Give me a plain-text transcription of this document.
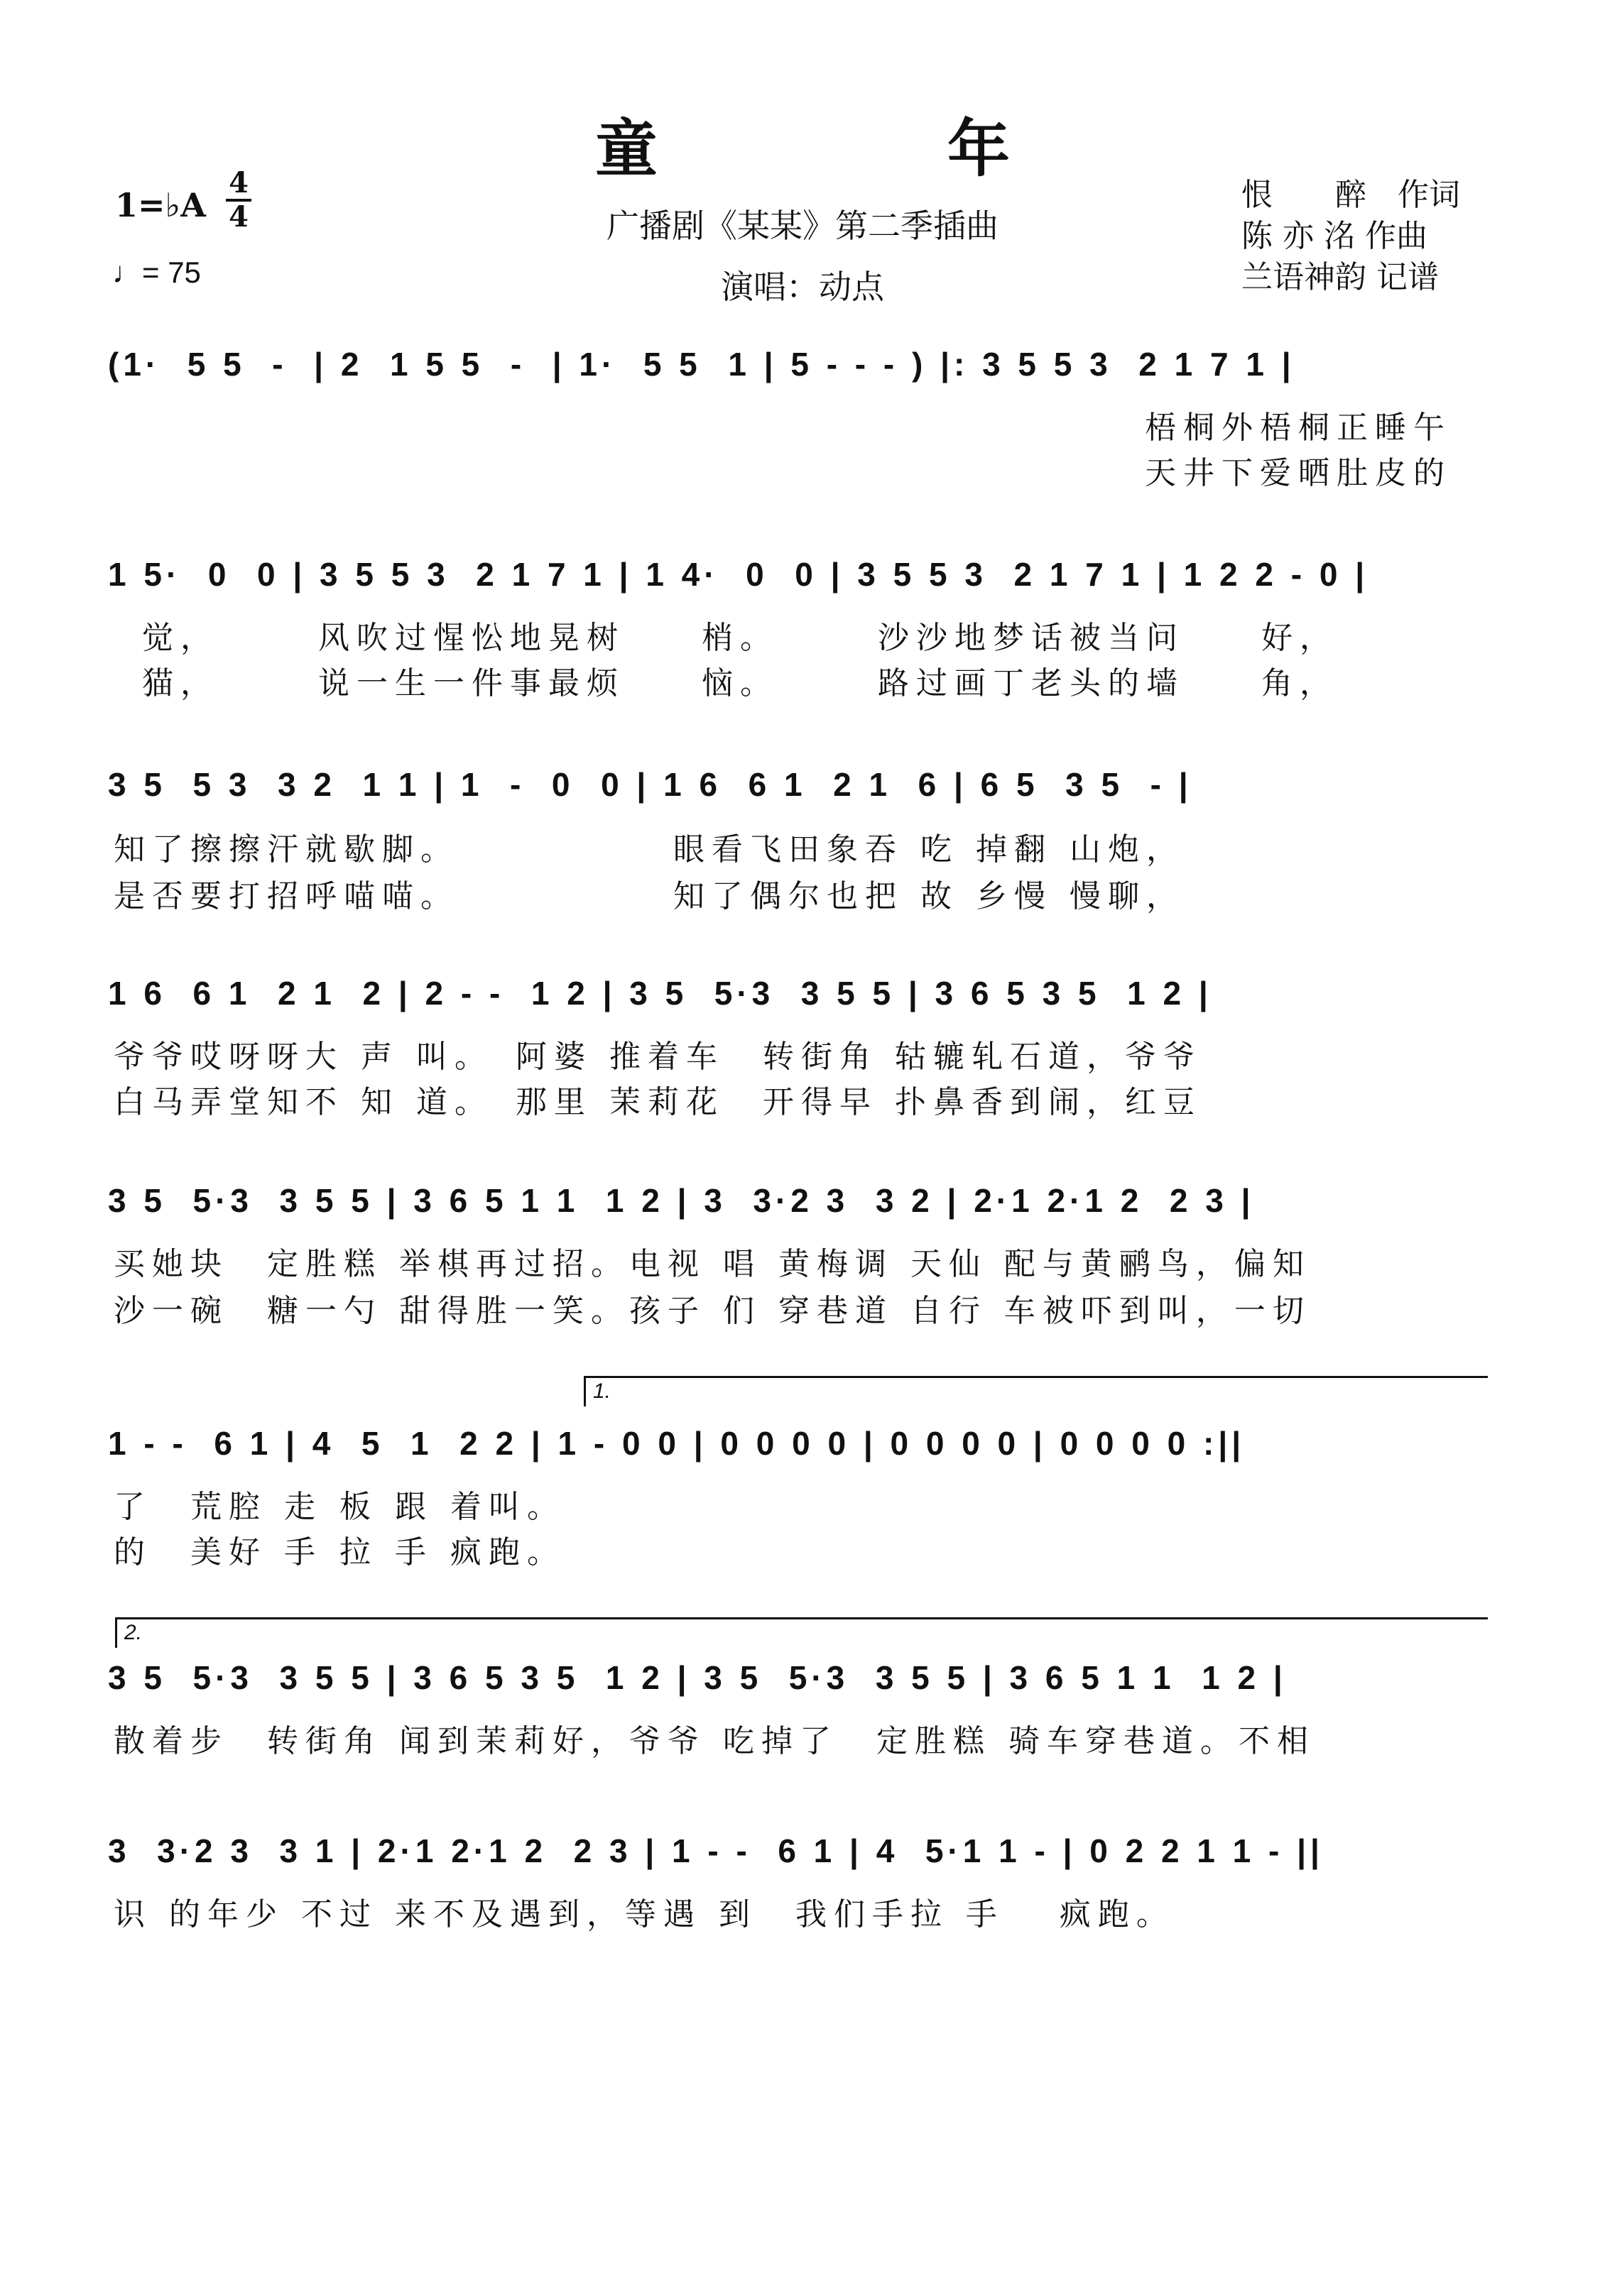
童　年
广播剧《某某》第二季插曲
演唱：动点
1=♭A
4
4
♩= 75
恨　　醉　作词
陈 亦 洺 作曲
兰语神韵 记谱
(1·  5 5  -  | 2  1 5 5  -  | 1·  5 5  1 | 5 - - - ) |: 3 5 5 3  2 1 7 1 |
梧桐外梧桐正睡午
天井下爱晒肚皮的
1 5·  0  0 | 3 5 5 3  2 1 7 1 | 1 4·  0  0 | 3 5 5 3  2 1 7 1 | 1 2 2 - 0 |
觉，　　　风吹过惺忪地晃树　　梢。　　　沙沙地梦话被当问　　好，
猫，　　　说一生一件事最烦　　恼。　　　路过画丁老头的墙　　角，
3 5  5 3  3 2  1 1 | 1  -  0  0 | 1 6  6 1  2 1  6 | 6 5  3 5  - |
知了擦擦汗就歇脚。　　　　　　眼看飞田象吞 吃 掉翻 山炮，
是否要打招呼喵喵。　　　　　　知了偶尔也把 故 乡慢 慢聊，
1 6  6 1  2 1  2 | 2 - -  1 2 | 3 5  5·3  3 5 5 | 3 6 5 3 5  1 2 |
爷爷哎呀呀大 声 叫。　阿婆 推着车　转街角 轱辘轧石道，爷爷
白马弄堂知不 知 道。　那里 茉莉花　开得早 扑鼻香到闹，红豆
3 5  5·3  3 5 5 | 3 6 5 1 1  1 2 | 3  3·2 3  3 2 | 2·1 2·1 2  2 3 |
买她块　定胜糕 举棋再过招。电视 唱 黄梅调 天仙 配与黄鹂鸟，偏知
沙一碗　糖一勺 甜得胜一笑。孩子 们 穿巷道 自行 车被吓到叫，一切
1.
1 - -  6 1 | 4  5  1  2 2 | 1 - 0 0 | 0 0 0 0 | 0 0 0 0 | 0 0 0 0 :||
了　荒腔 走 板 跟 着叫。
的　美好 手 拉 手 疯跑。
2.
3 5  5·3  3 5 5 | 3 6 5 3 5  1 2 | 3 5  5·3  3 5 5 | 3 6 5 1 1  1 2 |
散着步　转街角 闻到茉莉好，爷爷 吃掉了　定胜糕 骑车穿巷道。不相
3  3·2 3  3 1 | 2·1 2·1 2  2 3 | 1 - -  6 1 | 4  5·1 1 - | 0 2 2 1 1 - ||
识 的年少 不过 来不及遇到，等遇 到　我们手拉 手　 疯跑。
